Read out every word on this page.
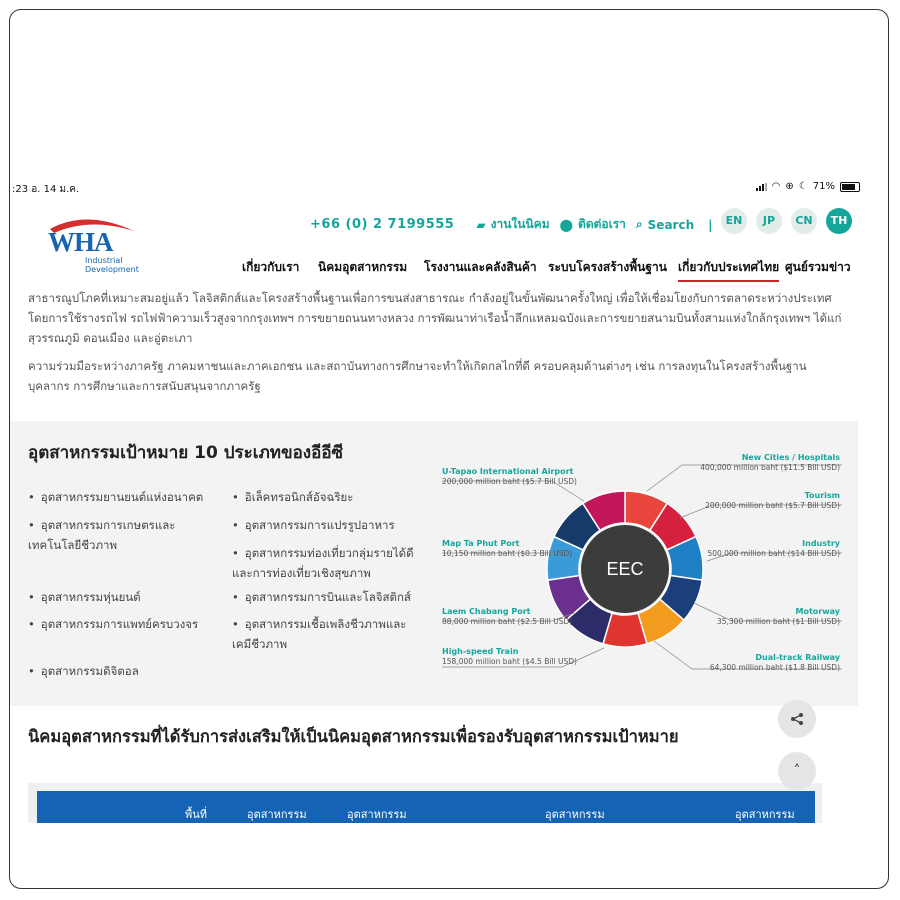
:23 อ. 14 ม.ค.	◠ ⊕ ☾ 71%
WHA
Industrial
Development
+66 (0) 2 7199555 ▰ งานในนิคม ⬤ ติดต่อเรา ⌕ Search |	EN	JP	CN	TH
เกี่ยวกับเรา นิคมอุตสาหกรรม โรงงานและคลังสินค้า ระบบโครงสร้างพื้นฐาน เกี่ยวกับประเทศไทย ศูนย์รวมข่าว

สาธารณูปโภคที่เหมาะสมอยู่แล้ว โลจิสติกส์และโครงสร้างพื้นฐานเพื่อการขนส่งสาธารณะ กำลังอยู่ในขั้นพัฒนาครั้งใหญ่ เพื่อให้เชื่อมโยงกับการตลาดระหว่างประเทศโดยการใช้รางรถไฟ รถไฟฟ้าความเร็วสูงจากกรุงเทพฯ การขยายถนนทางหลวง การพัฒนาท่าเรือน้ำลึกแหลมฉบังและการขยายสนามบินทั้งสามแห่งใกล้กรุงเทพฯ ได้แก่ สุวรรณภูมิ ดอนเมือง และอู่ตะเภา

ความร่วมมือระหว่างภาครัฐ ภาคมหาชนและภาคเอกชน และสถาบันทางการศึกษาจะทำให้เกิดกลไกที่ดี ครอบคลุมด้านต่างๆ เช่น การลงทุนในโครงสร้างพื้นฐาน บุคลากร การศึกษาและการสนับสนุนจากภาครัฐ

อุตสาหกรรมเป้าหมาย 10 ประเภทของอีอีซี
• อุตสาหกรรมยานยนต์แห่งอนาคต
• อุตสาหกรรมการเกษตรและเทคโนโลยีชีวภาพ
• อุตสาหกรรมหุ่นยนต์
• อุตสาหกรรมการแพทย์ครบวงจร
• อุตสาหกรรมดิจิตอล
• อิเล็คทรอนิกส์อัจฉริยะ
• อุตสาหกรรมการแปรรูปอาหาร
• อุตสาหกรรมท่องเที่ยวกลุ่มรายได้ดีและการท่องเที่ยวเชิงสุขภาพ
• อุตสาหกรรมการบินและโลจิสติกส์
• อุตสาหกรรมเชื้อเพลิงชีวภาพและเคมีชีวภาพ
EEC
U-Tapao International Airport
200,000 million baht ($5.7 Bill USD)
Map Ta Phut Port
10,150 million baht ($0.3 Bill USD)
Laem Chabang Port
88,000 million baht ($2.5 Bill USD)
High-speed Train
158,000 million baht ($4.5 Bill USD)
New Cities / Hospitals
400,000 million baht ($11.5 Bill USD)
Tourism
200,000 million baht ($5.7 Bill USD)
Industry
500,000 million baht ($14 Bill USD)
Motorway
35,300 million baht ($1 Bill USD)
Dual-track Railway
64,300 million baht ($1.8 Bill USD)
นิคมอุตสาหกรรมที่ได้รับการส่งเสริมให้เป็นนิคมอุตสาหกรรมเพื่อรองรับอุตสาหกรรมเป้าหมาย
พื้นที่	อุตสาหกรรม	อุตสาหกรรม	อุตสาหกรรม	อุตสาหกรรม
˄
